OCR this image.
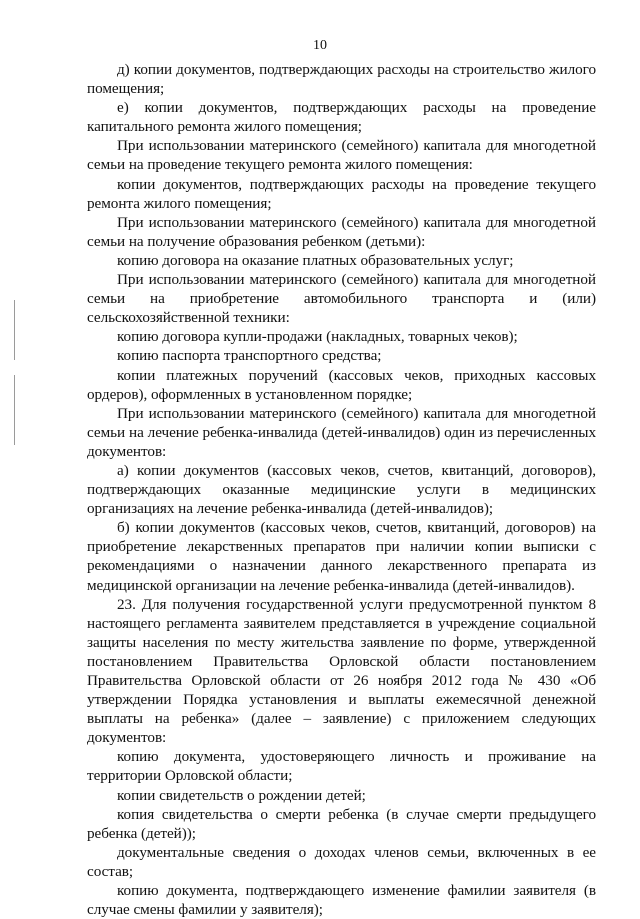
10

д) копии документов, подтверждающих расходы на строительство жилого помещения;

е) копии документов, подтверждающих расходы на проведение капитального ремонта жилого помещения;

При использовании материнского (семейного) капитала для многодетной семьи на проведение текущего ремонта жилого помещения:

копии документов, подтверждающих расходы на проведение текущего ремонта жилого помещения;

При использовании материнского (семейного) капитала для многодетной семьи на получение образования ребенком (детьми):

копию договора на оказание платных образовательных услуг;

При использовании материнского (семейного) капитала для многодетной семьи на приобретение автомобильного транспорта и (или) сельскохозяйственной техники:

копию договора купли-продажи (накладных, товарных чеков);

копию паспорта транспортного средства;

копии платежных поручений (кассовых чеков, приходных кассовых ордеров), оформленных в установленном порядке;

При использовании материнского (семейного) капитала для многодетной семьи на лечение ребенка-инвалида (детей-инвалидов) один из перечисленных документов:

а) копии документов (кассовых чеков, счетов, квитанций, договоров), подтверждающих оказанные медицинские услуги в медицинских организациях на лечение ребенка-инвалида (детей-инвалидов);

б) копии документов (кассовых чеков, счетов, квитанций, договоров) на приобретение лекарственных препаратов при наличии копии выписки с рекомендациями о назначении данного лекарственного препарата из медицинской организации на лечение ребенка-инвалида (детей-инвалидов).

23. Для получения государственной услуги предусмотренной пунктом 8 настоящего регламента заявителем представляется в учреждение социальной защиты населения по месту жительства заявление по форме, утвержденной постановлением Правительства Орловской области постановлением Правительства Орловской области от 26 ноября 2012 года № 430 «Об утверждении Порядка установления и выплаты ежемесячной денежной выплаты на ребенка» (далее – заявление) с приложением следующих документов:

копию документа, удостоверяющего личность и проживание на территории Орловской области;

копии свидетельств о рождении детей;

копия свидетельства о смерти ребенка (в случае смерти предыдущего ребенка (детей));

документальные сведения о доходах членов семьи, включенных в ее состав;

копию документа, подтверждающего изменение фамилии заявителя (в случае смены фамилии у заявителя);
